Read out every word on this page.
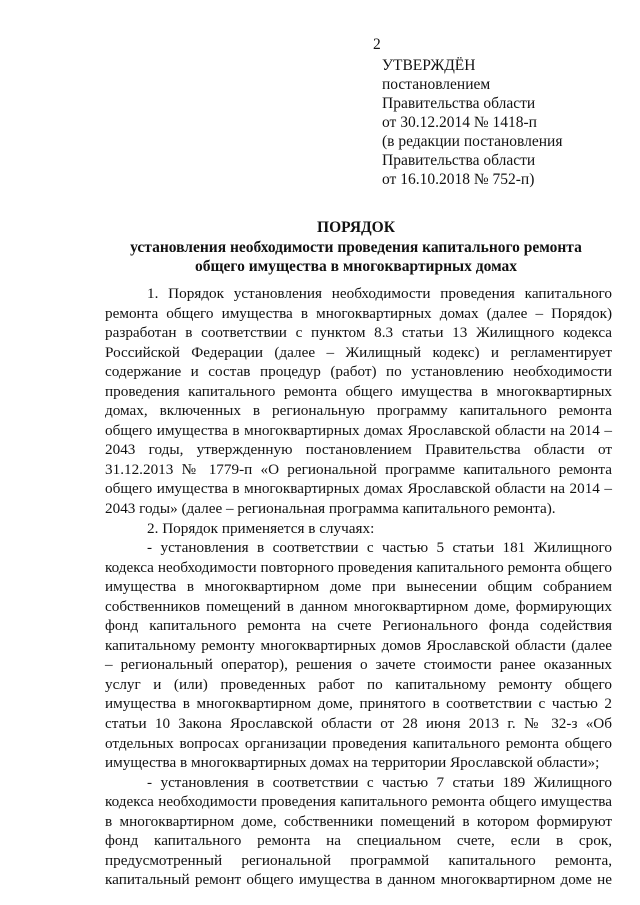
2
УТВЕРЖДЁН
постановлением
Правительства области
от 30.12.2014 № 1418-п
(в редакции постановления
Правительства области
от 16.10.2018 № 752-п)
ПОРЯДОК
установления необходимости проведения капитального ремонта
общего имущества в многоквартирных домах

1. Порядок установления необходимости проведения капитального ремонта общего имущества в многоквартирных домах (далее – Порядок) разработан в соответствии с пунктом 8.3 статьи 13 Жилищного кодекса Российской Федерации (далее – Жилищный кодекс) и регламентирует содержание и состав процедур (работ) по установлению необходимости проведения капитального ремонта общего имущества в многоквартирных домах, включенных в региональную программу капитального ремонта общего имущества в многоквартирных домах Ярославской области на 2014 – 2043 годы, утвержденную постановлением Правительства области от 31.12.2013 № 1779-п «О региональной программе капитального ремонта общего имущества в многоквартирных домах Ярославской области на 2014 – 2043 годы» (далее – региональная программа капитального ремонта).

2. Порядок применяется в случаях:

- установления в соответствии с частью 5 статьи 181 Жилищного кодекса необходимости повторного проведения капитального ремонта общего имущества в многоквартирном доме при вынесении общим собранием собственников помещений в данном многоквартирном доме, формирующих фонд капитального ремонта на счете Регионального фонда содействия капитальному ремонту многоквартирных домов Ярославской области (далее – региональный оператор), решения о зачете стоимости ранее оказанных услуг и (или) проведенных работ по капитальному ремонту общего имущества в многоквартирном доме, принятого в соответствии с частью 2 статьи 10 Закона Ярославской области от 28 июня 2013 г. № 32-з «Об отдельных вопросах организации проведения капитального ремонта общего имущества в многоквартирных домах на территории Ярославской области»;

- установления в соответствии с частью 7 статьи 189 Жилищного кодекса необходимости проведения капитального ремонта общего имущества в многоквартирном доме, собственники помещений в котором формируют фонд капитального ремонта на специальном счете, если в срок, предусмотренный региональной программой капитального ремонта, капитальный ремонт общего имущества в данном многоквартирном доме не
